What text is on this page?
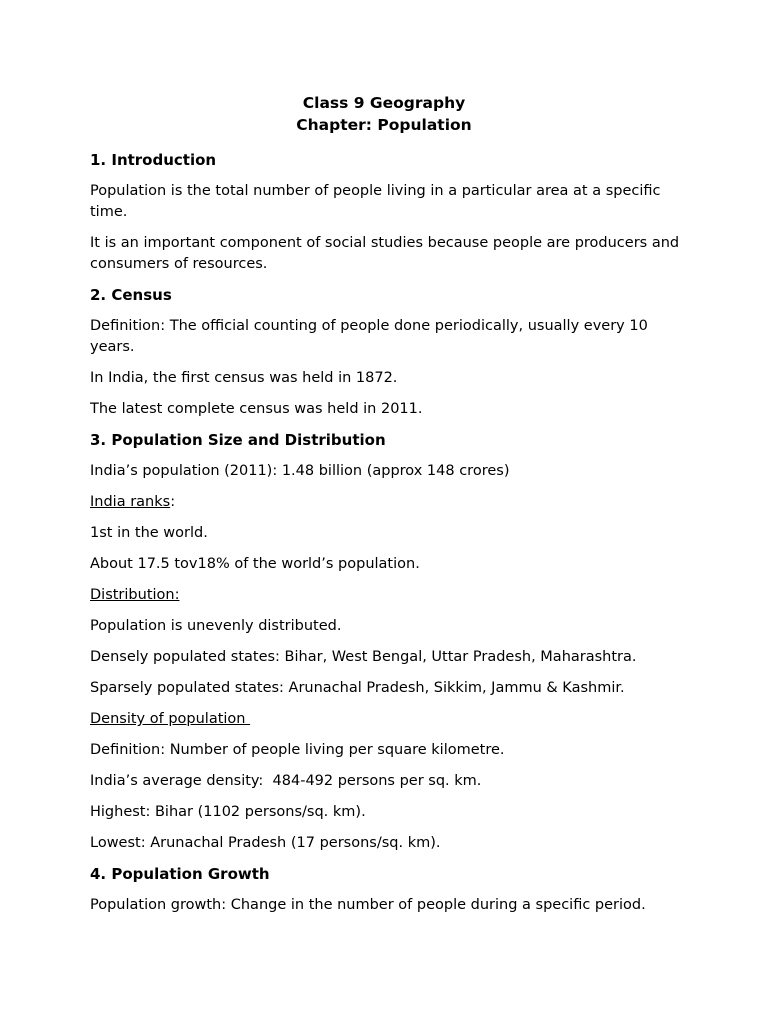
Class 9 Geography

Chapter: Population

1. Introduction

Population is the total number of people living in a particular area at a specific time.

It is an important component of social studies because people are producers and consumers of resources.

2. Census

Definition: The official counting of people done periodically, usually every 10 years.

In India, the first census was held in 1872.

The latest complete census was held in 2011.

3. Population Size and Distribution

India’s population (2011): 1.48 billion (approx 148 crores)

India ranks:

1st in the world.

About 17.5 tov18% of the world’s population.

Distribution:

Population is unevenly distributed.

Densely populated states: Bihar, West Bengal, Uttar Pradesh, Maharashtra.

Sparsely populated states: Arunachal Pradesh, Sikkim, Jammu & Kashmir.

Density of population

Definition: Number of people living per square kilometre.

India’s average density:  484-492 persons per sq. km.

Highest: Bihar (1102 persons/sq. km).

Lowest: Arunachal Pradesh (17 persons/sq. km).

4. Population Growth

Population growth: Change in the number of people during a specific period.
